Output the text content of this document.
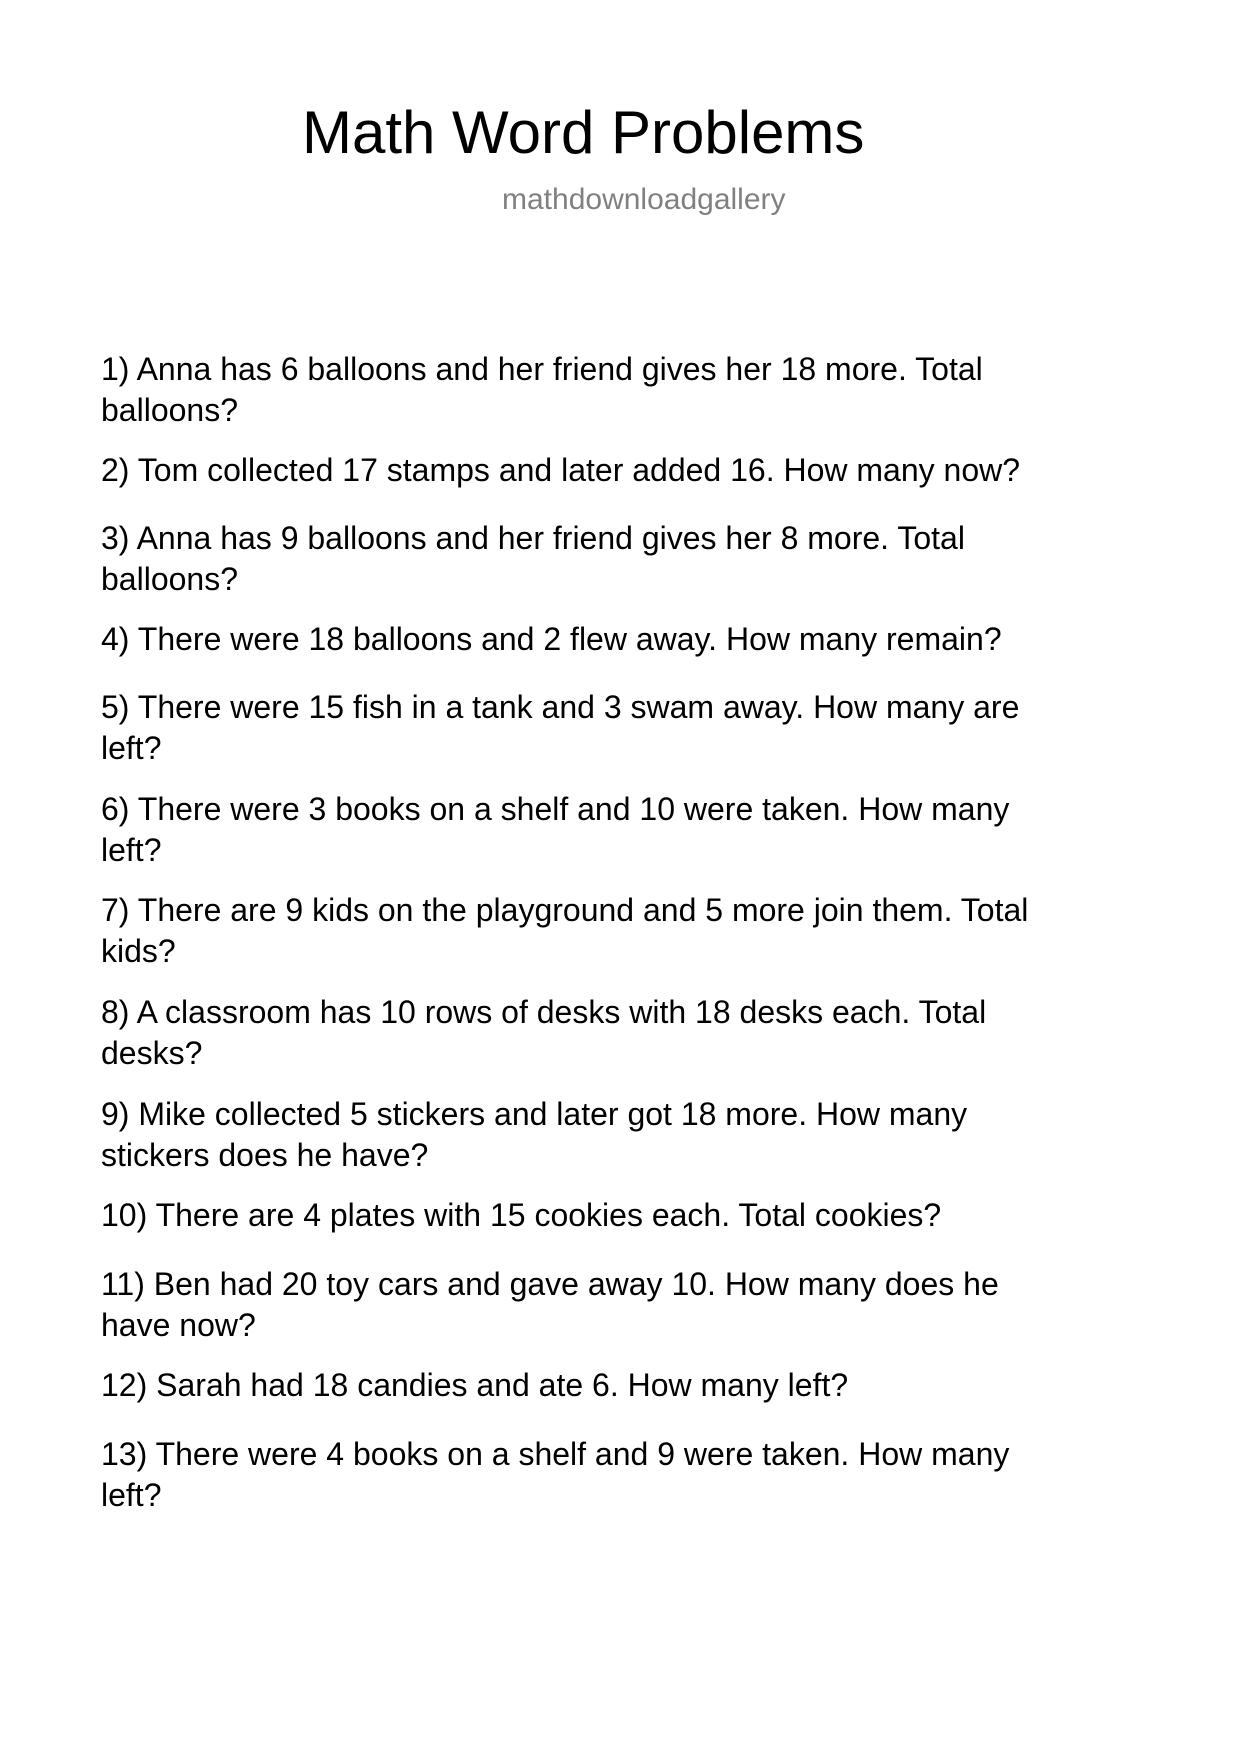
Math Word Problems
mathdownloadgallery
1) Anna has 6 balloons and her friend gives her 18 more. Total
balloons?
2) Tom collected 17 stamps and later added 16. How many now?
3) Anna has 9 balloons and her friend gives her 8 more. Total
balloons?
4) There were 18 balloons and 2 flew away. How many remain?
5) There were 15 fish in a tank and 3 swam away. How many are
left?
6) There were 3 books on a shelf and 10 were taken. How many
left?
7) There are 9 kids on the playground and 5 more join them. Total
kids?
8) A classroom has 10 rows of desks with 18 desks each. Total
desks?
9) Mike collected 5 stickers and later got 18 more. How many
stickers does he have?
10) There are 4 plates with 15 cookies each. Total cookies?
11) Ben had 20 toy cars and gave away 10. How many does he
have now?
12) Sarah had 18 candies and ate 6. How many left?
13) There were 4 books on a shelf and 9 were taken. How many
left?
